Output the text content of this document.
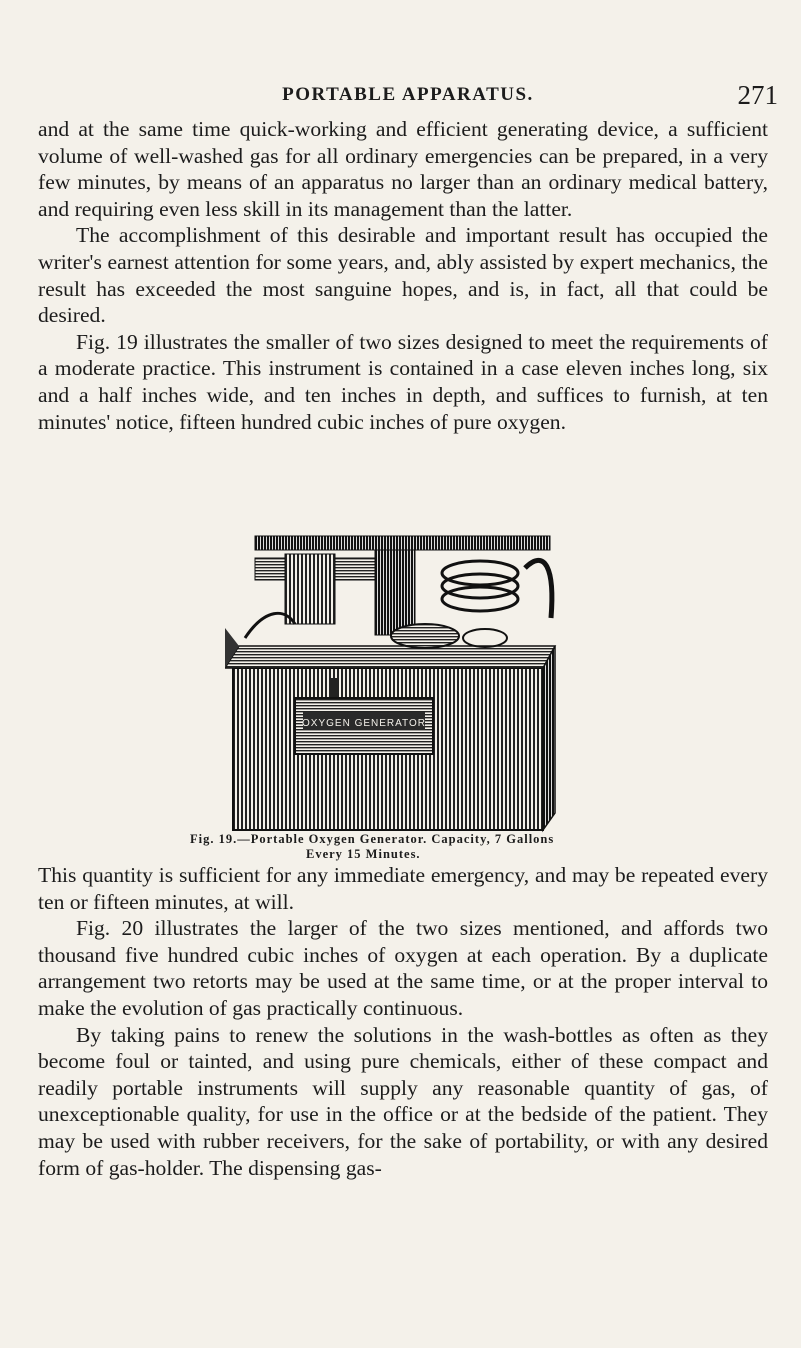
PORTABLE APPARATUS.	271

and at the same time quick-working and efficient generating device, a sufficient volume of well-washed gas for all ordinary emergencies can be prepared, in a very few minutes, by means of an apparatus no larger than an ordinary medical battery, and requiring even less skill in its management than the latter.

The accomplishment of this desirable and important result has occupied the writer's earnest attention for some years, and, ably assisted by expert mechanics, the result has exceeded the most sanguine hopes, and is, in fact, all that could be desired.

Fig. 19 illustrates the smaller of two sizes designed to meet the requirements of a moderate practice. This instrument is contained in a case eleven inches long, six and a half inches wide, and ten inches in depth, and suffices to furnish, at ten minutes' notice, fifteen hundred cubic inches of pure oxygen.

OXYGEN GENERATOR
Fig. 19.—Portable Oxygen Generator. Capacity, 7 Gallons
Every 15 Minutes.

This quantity is sufficient for any immediate emergency, and may be repeated every ten or fifteen minutes, at will.

Fig. 20 illustrates the larger of the two sizes mentioned, and affords two thousand five hundred cubic inches of oxygen at each operation. By a duplicate arrangement two retorts may be used at the same time, or at the proper interval to make the evolution of gas practically continuous.

By taking pains to renew the solutions in the wash-bottles as often as they become foul or tainted, and using pure chemicals, either of these compact and readily portable instruments will supply any reasonable quantity of gas, of unexceptionable quality, for use in the office or at the bedside of the patient. They may be used with rubber receivers, for the sake of portability, or with any desired form of gas-holder. The dispensing gas-
